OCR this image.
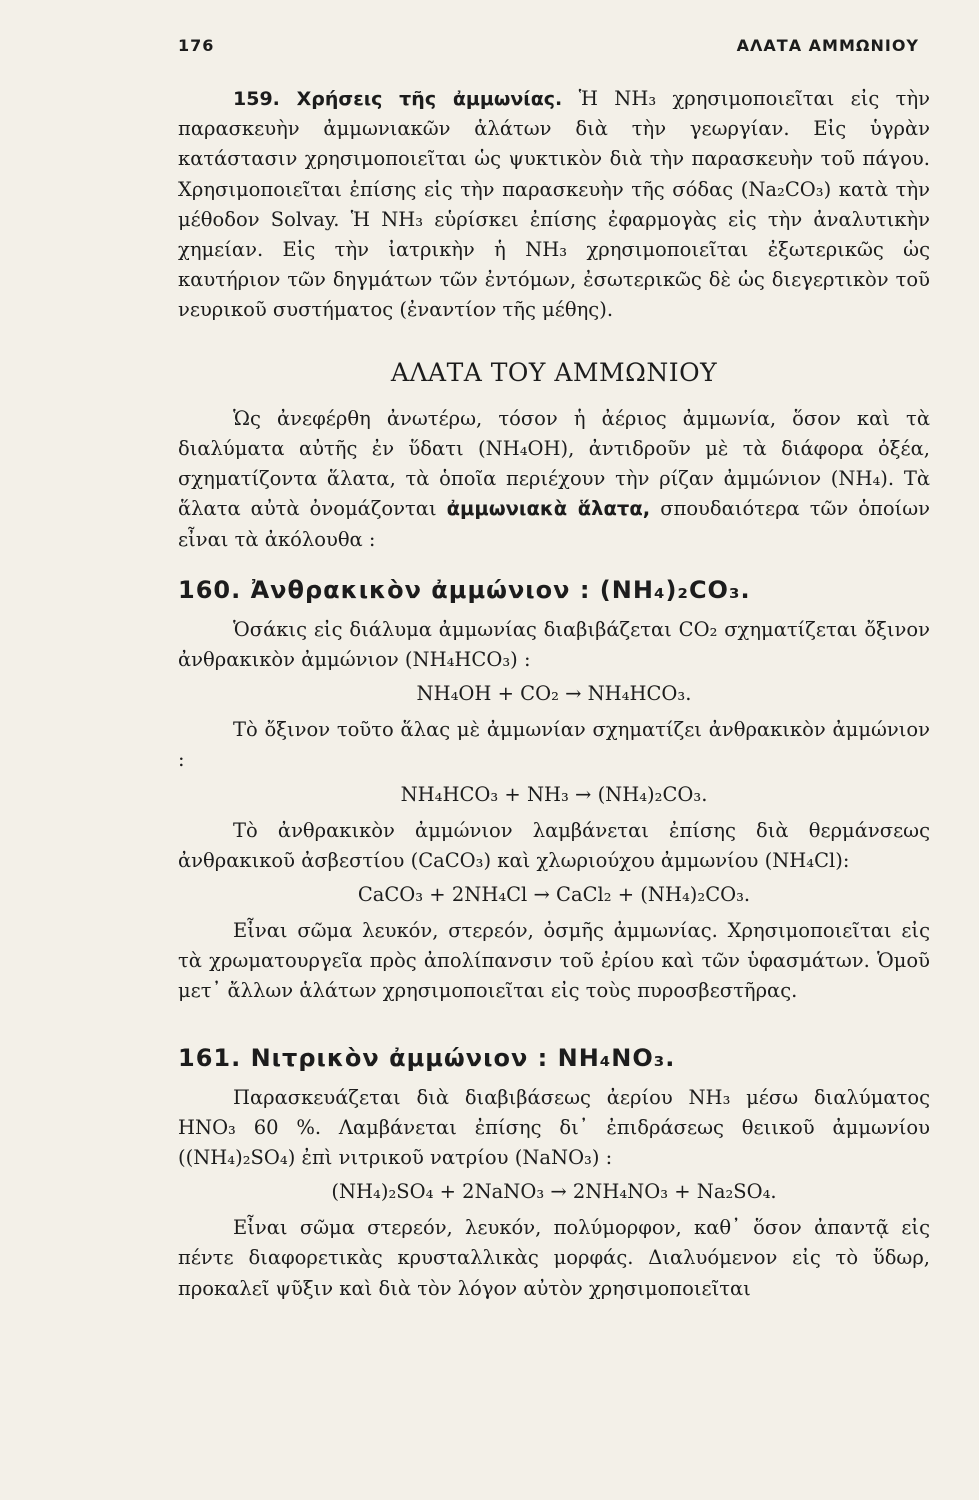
176	ΑΛΑΤΑ ΑΜΜΩΝΙΟΥ

159. Χρήσεις τῆς ἀμμωνίας. Ἡ NH₃ χρησιμοποιεῖται εἰς τὴν παρασκευὴν ἀμμωνιακῶν ἁλάτων διὰ τὴν γεωργίαν. Εἰς ὑγρὰν κατάστασιν χρησιμοποιεῖται ὡς ψυκτικὸν διὰ τὴν παρασκευὴν τοῦ πάγου. Χρησιμοποιεῖται ἐπίσης εἰς τὴν παρασκευὴν τῆς σόδας (Na₂CO₃) κατὰ τὴν μέθοδον Solvay. Ἡ NH₃ εὑρίσκει ἐπίσης ἐφαρμογὰς εἰς τὴν ἀναλυτικὴν χημείαν. Εἰς τὴν ἰατρικὴν ἡ NH₃ χρησιμοποιεῖται ἐξωτερικῶς ὡς καυτήριον τῶν δηγμάτων τῶν ἐντόμων, ἐσωτερικῶς δὲ ὡς διεγερτικὸν τοῦ νευρικοῦ συστήματος (ἐναντίον τῆς μέθης).

ΑΛΑΤΑ ΤΟΥ ΑΜΜΩΝΙΟΥ

Ὡς ἀνεφέρθη ἀνωτέρω, τόσον ἡ ἀέριος ἀμμωνία, ὅσον καὶ τὰ διαλύματα αὐτῆς ἐν ὕδατι (NH₄OH), ἀντιδροῦν μὲ τὰ διάφορα ὀξέα, σχηματίζοντα ἅλατα, τὰ ὁποῖα περιέχουν τὴν ρίζαν ἀμμώνιον (NH₄). Τὰ ἅλατα αὐτὰ ὀνομάζονται ἀμμωνιακὰ ἅλατα, σπουδαιότερα τῶν ὁποίων εἶναι τὰ ἀκόλουθα :

160. Ἀνθρακικὸν ἀμμώνιον : (NH₄)₂CO₃.

Ὁσάκις εἰς διάλυμα ἀμμωνίας διαβιβάζεται CO₂ σχηματίζεται ὄξινον ἀνθρακικὸν ἀμμώνιον (NH₄HCO₃) :

NH₄OH + CO₂ → NH₄HCO₃.

Τὸ ὄξινον τοῦτο ἅλας μὲ ἀμμωνίαν σχηματίζει ἀνθρακικὸν ἀμμώνιον :

NH₄HCO₃ + NH₃ → (NH₄)₂CO₃.

Τὸ ἀνθρακικὸν ἀμμώνιον λαμβάνεται ἐπίσης διὰ θερμάνσεως ἀνθρακικοῦ ἀσβεστίου (CaCO₃) καὶ χλωριούχου ἀμμωνίου (NH₄Cl):

CaCO₃ + 2NH₄Cl → CaCl₂ + (NH₄)₂CO₃.

Εἶναι σῶμα λευκόν, στερεόν, ὀσμῆς ἀμμωνίας. Χρησιμοποιεῖται εἰς τὰ χρωματουργεῖα πρὸς ἀπολίπανσιν τοῦ ἐρίου καὶ τῶν ὑφασμάτων. Ὁμοῦ μετ᾽ ἄλλων ἁλάτων χρησιμοποιεῖται εἰς τοὺς πυροσβεστῆρας.

161. Νιτρικὸν ἀμμώνιον : NH₄NO₃.

Παρασκευάζεται διὰ διαβιβάσεως ἀερίου NH₃ μέσω διαλύματος HNO₃ 60 %. Λαμβάνεται ἐπίσης δι᾽ ἐπιδράσεως θειικοῦ ἀμμωνίου ((NH₄)₂SO₄) ἐπὶ νιτρικοῦ νατρίου (NaNO₃) :

(NH₄)₂SO₄ + 2NaNO₃ → 2NH₄NO₃ + Na₂SO₄.

Εἶναι σῶμα στερεόν, λευκόν, πολύμορφον, καθ᾽ ὅσον ἀπαντᾷ εἰς πέντε διαφορετικὰς κρυσταλλικὰς μορφάς. Διαλυόμενον εἰς τὸ ὕδωρ, προκαλεῖ ψῦξιν καὶ διὰ τὸν λόγον αὐτὸν χρησιμοποιεῖται
